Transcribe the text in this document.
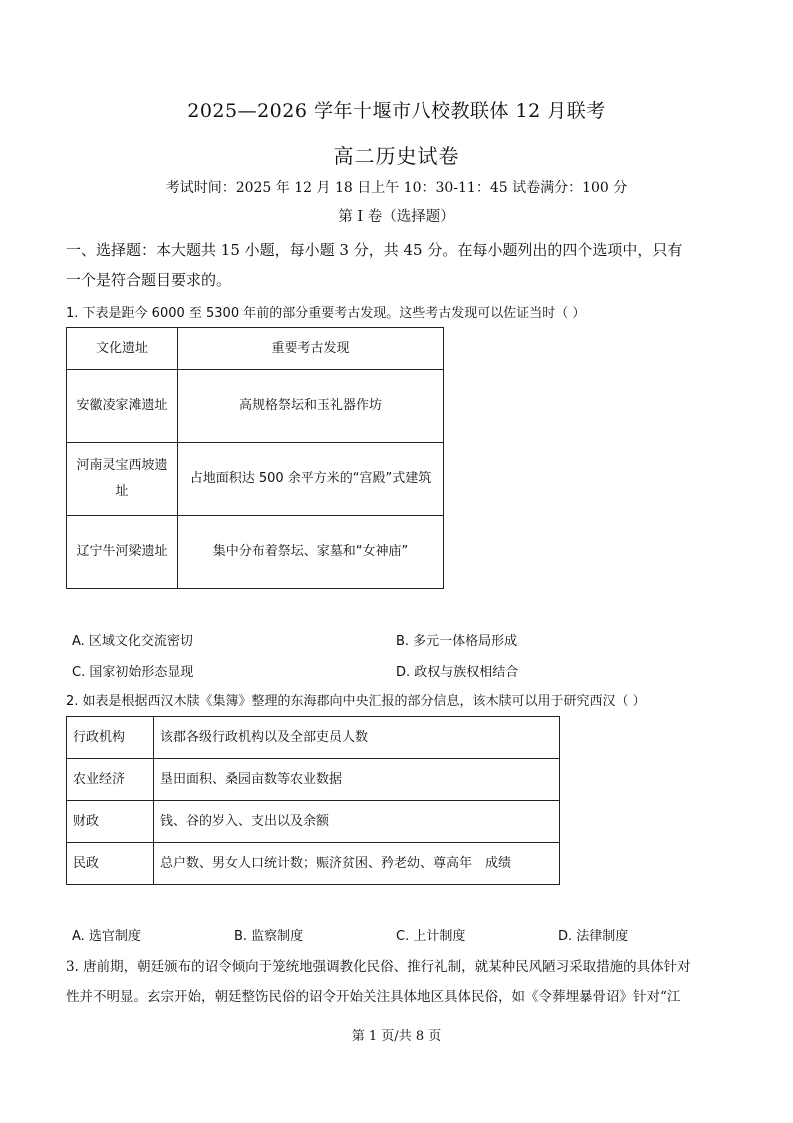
2025—2026 学年十堰市八校教联体 12 月联考
高二历史试卷
考试时间：2025 年 12 月 18 日上午 10：30-11：45 试卷满分：100 分
第 I 卷（选择题）
一、选择题：本大题共 15 小题，每小题 3 分，共 45 分。在每小题列出的四个选项中，只有
一个是符合题目要求的。
1. 下表是距今 6000 至 5300 年前的部分重要考古发现。这些考古发现可以佐证当时（ ）
文化遗址	重要考古发现
安徽凌家滩遗址	高规格祭坛和玉礼器作坊
河南灵宝西坡遗址	占地面积达 500 余平方米的“宫殿”式建筑
辽宁牛河梁遗址	集中分布着祭坛、家墓和“女神庙”
A. 区域文化交流密切	B. 多元一体格局形成
C. 国家初始形态显现	D. 政权与族权相结合
2. 如表是根据西汉木牍《集簿》整理的东海郡向中央汇报的部分信息，该木牍可以用于研究西汉（ ）
行政机构	该郡各级行政机构以及全部吏员人数
农业经济	垦田面积、桑园亩数等农业数据
财政	钱、谷的岁入、支出以及余额
民政	总户数、男女人口统计数；赈济贫困、矜老幼、尊高年　成绩
A. 选官制度	B. 监察制度	C. 上计制度	D. 法律制度
3. 唐前期，朝廷颁布的诏令倾向于笼统地强调教化民俗、推行礼制，就某种民风陋习采取措施的具体针对
性并不明显。玄宗开始，朝廷整饬民俗的诏令开始关注具体地区具体民俗，如《令葬埋暴骨诏》针对“江
第 1 页/共 8 页
